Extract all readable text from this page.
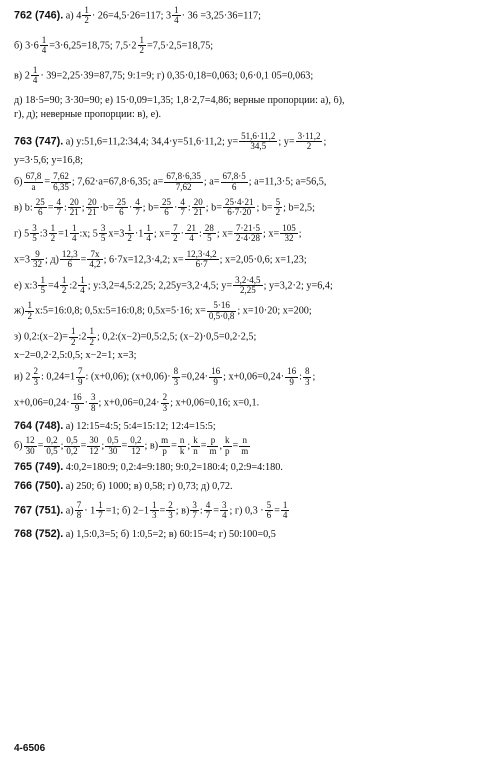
762 (746). а) $4 \frac{1}{2} \cdot 26=4,5\cdot 26=117$; $3 \frac{1}{4} \cdot 36 =3,25\cdot 36=117$;
б) $3\cdot 6 \frac{1}{4} =3\cdot 6,25=18,75$; $7,5\cdot 2 \frac{1}{2} =7,5\cdot 2,5=18,75$;
в) $2 \frac{1}{4} \cdot 39=2,25\cdot 39=87,75$; 9:1=9; г) 0,35·0,18=0,063; 0,6·0,1 05=0,063;
д) 18·5=90; 3·30=90; е) 15·0,09=1,35; 1,8·2,7=4,86; верные пропорции: а), б),
г), д); неверные пропорции: в), е).
763 (747). а) y:51,6=11,2:34,4; 34,4·y=51,6·11,2; $y= \frac{51,6\cdot 11,2}{34,5}$ ; $y= \frac{3\cdot 11,2}{2}$ ;
y=3·5,6; y=16,8;
$б) \frac{67,8}{a} = \frac{7,62}{6,35}$ ; 7,62·a=67,8·6,35; $a= \frac{67,8\cdot 6,35}{7,62}$ ; $a= \frac{67,8\cdot 5}{6}$ ; a=11,3·5; a=56,5,
в) b: $\frac{25}{6} = \frac{4}{7}$ : $\frac{20}{21}$ ; $\frac{20}{21} \cdot b= \frac{25}{6} \cdot \frac{4}{7}$ ; $b= \frac{25}{6} \cdot \frac{4}{7}$ : $\frac{20}{21}$ ; $b= \frac{25\cdot 4\cdot 21}{6\cdot 7\cdot 20}$ ; $b= \frac{5}{2}$ ; b=2,5;
г) $5 \frac{3}{5}$ :3 $\frac{1}{2} =1 \frac{1}{4}$ :x; $5 \frac{3}{5} x=3 \frac{1}{2} \cdot 1 \frac{1}{4}$ ; $x= \frac{7}{2} \cdot \frac{21}{4}$ : $\frac{28}{5}$ ; $x= \frac{7\cdot 21\cdot 5}{2\cdot 4\cdot 28}$ ; $x= \frac{105}{32}$ ;
$x=3 \frac{9}{32}$ ; $д) \frac{12,3}{6} = \frac{7x}{4,2}$ ; 6·7x=12,3·4,2; $x= \frac{12,3\cdot 4,2}{6\cdot 7}$ ; x=2,05·0,6; x=1,23;
е) x:3 $\frac{1}{5} =4 \frac{1}{2}$ :2 $\frac{1}{4}$ ; y:3,2=4,5:2,25; 2,25y=3,2·4,5; $y= \frac{3,2\cdot 4,5}{2,25}$ ; y=3,2·2; y=6,4;
$ж) \frac{1}{2}$ x:5=16:0,8; 0,5x:5=16:0,8; 0,5x=5·16; $x= \frac{5\cdot 16}{0,5\cdot 0,8}$ ; x=10·20; x=200;
з) 0,2:(x−2)= $\frac{1}{2}$ :2 $\frac{1}{2}$ ; 0,2:(x−2)=0,5:2,5; (x−2)·0,5=0,2·2,5;
x−2=0,2·2,5:0,5; x−2=1; x=3;
и) $2 \frac{2}{3}$ : $0,24=1 \frac{7}{9}$ : (x+0,06); $(x+0,06)\cdot \frac{8}{3} =0,24\cdot \frac{16}{9}$ ; $x+0,06=0,24\cdot \frac{16}{9}$ : $\frac{8}{3}$ ;
$x+0,06=0,24\cdot \frac{16}{9} \cdot \frac{3}{8}$ ; $x+0,06=0,24\cdot \frac{2}{3}$ ; x+0,06=0,16; x=0,1.
764 (748). а) 12:15=4:5; 5:4=15:12; 12:4=15:5;
$б) \frac{12}{30} = \frac{0,2}{0,5}$ ; $\frac{0,5}{0,2} = \frac{30}{12}$ ; $\frac{0,5}{30} = \frac{0,2}{12}$ ; $в) \frac{m}{p} = \frac{n}{k}$ ; $\frac{k}{n} = \frac{p}{m}$ , $\frac{k}{p} = \frac{n}{m}$
765 (749). 4:0,2=180:9; 0,2:4=9:180; 9:0,2=180:4; 0,2:9=4:180.
766 (750). а) 250; б) 1000; в) 0,58; г) 0,73; д) 0,72.
767 (751). $а) \frac{7}{8} \cdot 1 \frac{1}{7} =1$; б) $2-1 \frac{1}{3} = \frac{2}{3}$ ; $в) \frac{3}{7}$ : $\frac{4}{7} = \frac{3}{4}$ ; г) $0,3 \cdot \frac{5}{6} = \frac{1}{4}$
768 (752). а) 1,5:0,3=5; б) 1:0,5=2; в) 60:15=4; г) 50:100=0,5
4-6506
